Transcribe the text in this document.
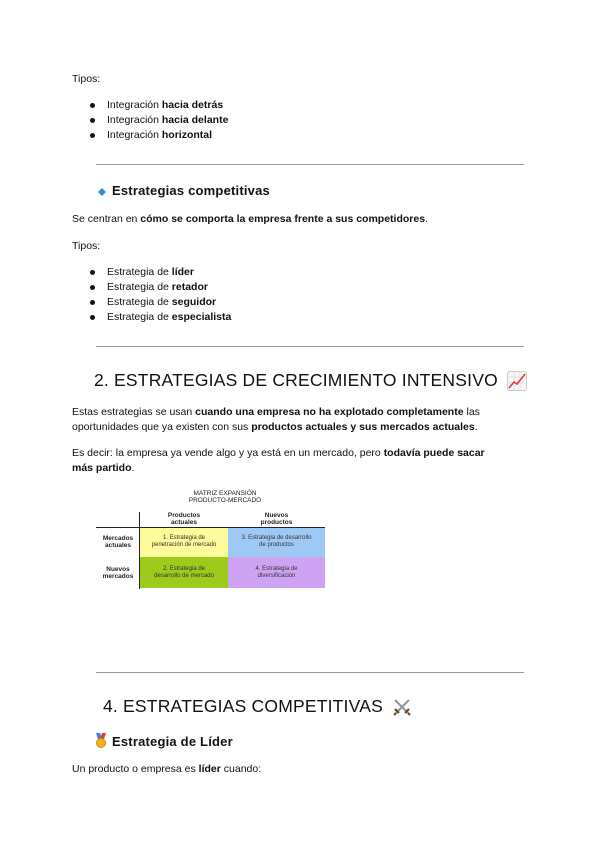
Tipos:
Integración hacia detrás
Integración hacia delante
Integración horizontal
Estrategias competitivas
Se centran en cómo se comporta la empresa frente a sus competidores.
Tipos:
Estrategia de líder
Estrategia de retador
Estrategia de seguidor
Estrategia de especialista
2. ESTRATEGIAS DE CRECIMIENTO INTENSIVO
Estas estrategias se usan cuando una empresa no ha explotado completamente las
oportunidades que ya existen con sus productos actuales y sus mercados actuales.
Es decir: la empresa ya vende algo y ya está en un mercado, pero todavía puede sacar
más partido.
MATRIZ EXPANSIÓN
PRODUCTO-MERCADO
Productos
actuales
Nuevos
productos
Mercados
actuales
Nuevos
mercados
1. Estrategia de
penetración de mercado
3. Estrategia de desarrollo
de productos
2. Estrategia de
desarrollo de mercado
4. Estrategia de
diversificación
4. ESTRATEGIAS COMPETITIVAS
Estrategia de Líder
Un producto o empresa es líder cuando:
